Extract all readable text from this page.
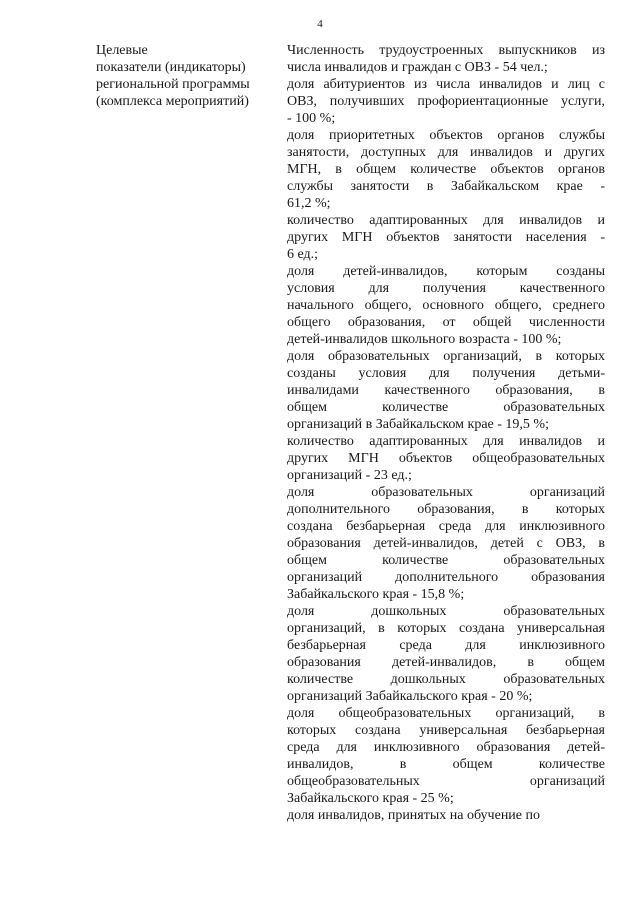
4
Целевые
показатели (индикаторы)
региональной программы
(комплекса мероприятий)
Численность трудоустроенных выпускников из
числа инвалидов и граждан с ОВЗ - 54 чел.;
доля абитуриентов из числа инвалидов и лиц с
ОВЗ, получивших профориентационные услуги,
- 100 %;
доля приоритетных объектов органов службы
занятости, доступных для инвалидов и других
МГН, в общем количестве объектов органов
службы занятости в Забайкальском крае -
61,2 %;
количество адаптированных для инвалидов и
других МГН объектов занятости населения -
6 ед.;
доля детей-инвалидов, которым созданы
условия для получения качественного
начального общего, основного общего, среднего
общего образования, от общей численности
детей-инвалидов школьного возраста - 100 %;
доля образовательных организаций, в которых
созданы условия для получения детьми-
инвалидами качественного образования, в
общем количестве образовательных
организаций в Забайкальском крае - 19,5 %;
количество адаптированных для инвалидов и
других МГН объектов общеобразовательных
организаций - 23 ед.;
доля образовательных организаций
дополнительного образования, в которых
создана безбарьерная среда для инклюзивного
образования детей-инвалидов, детей с ОВЗ, в
общем количестве образовательных
организаций дополнительного образования
Забайкальского края - 15,8 %;
доля дошкольных образовательных
организаций, в которых создана универсальная
безбарьерная среда для инклюзивного
образования детей-инвалидов, в общем
количестве дошкольных образовательных
организаций Забайкальского края - 20 %;
доля общеобразовательных организаций, в
которых создана универсальная безбарьерная
среда для инклюзивного образования детей-
инвалидов, в общем количестве
общеобразовательных организаций
Забайкальского края - 25 %;
доля инвалидов, принятых на обучение по
